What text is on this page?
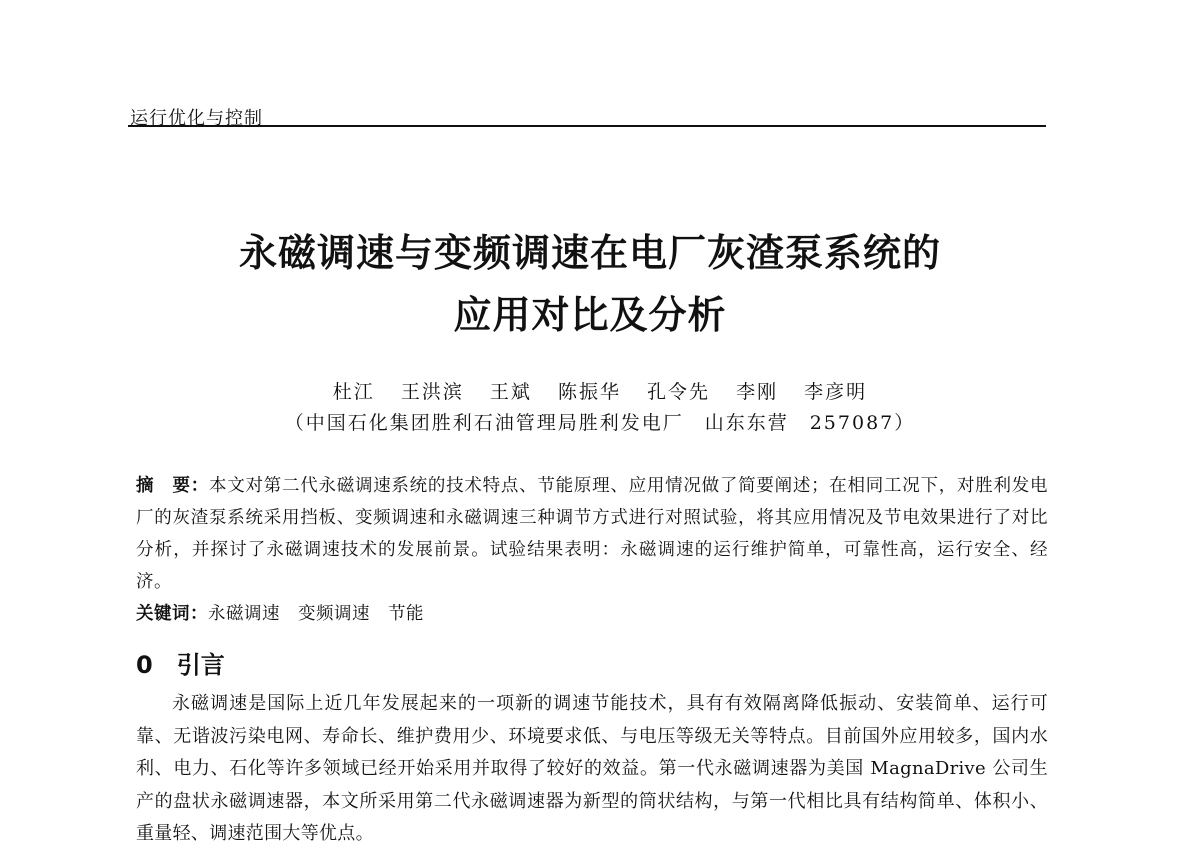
运行优化与控制
永磁调速与变频调速在电厂灰渣泵系统的
应用对比及分析
杜江 王洪滨 王斌 陈振华 孔令先 李刚 李彦明
（中国石化集团胜利石油管理局胜利发电厂　山东东营　257087）
摘　要：本文对第二代永磁调速系统的技术特点、节能原理、应用情况做了简要阐述；在相同工况下，对胜利发电厂的灰渣泵系统采用挡板、变频调速和永磁调速三种调节方式进行对照试验，将其应用情况及节电效果进行了对比分析，并探讨了永磁调速技术的发展前景。试验结果表明：永磁调速的运行维护简单，可靠性高，运行安全、经济。
关键词：永磁调速 变频调速 节能
0 引言
永磁调速是国际上近几年发展起来的一项新的调速节能技术，具有有效隔离降低振动、安装简单、运行可靠、无谐波污染电网、寿命长、维护费用少、环境要求低、与电压等级无关等特点。目前国外应用较多，国内水利、电力、石化等许多领域已经开始采用并取得了较好的效益。第一代永磁调速器为美国 MagnaDrive 公司生产的盘状永磁调速器，本文所采用第二代永磁调速器为新型的筒状结构，与第一代相比具有结构简单、体积小、重量轻、调速范围大等优点。
